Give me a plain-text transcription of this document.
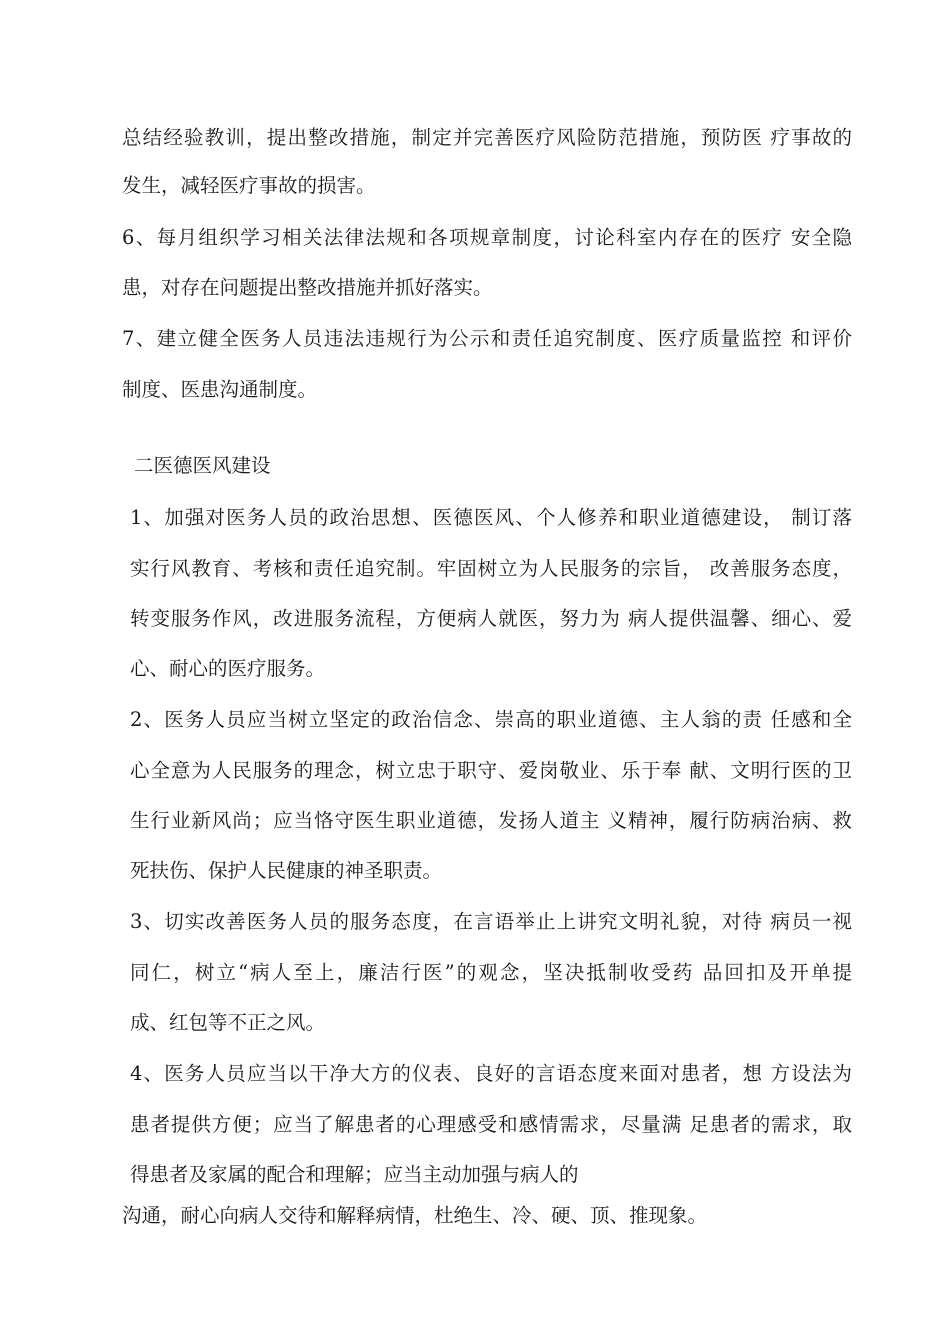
总结经验教训，提出整改措施，制定并完善医疗风险防范措施，预防医 疗事故的
发生，减轻医疗事故的损害。
6、每月组织学习相关法律法规和各项规章制度，讨论科室内存在的医疗 安全隐
患，对存在问题提出整改措施并抓好落实。
7、建立健全医务人员违法违规行为公示和责任追究制度、医疗质量监控 和评价
制度、医患沟通制度。
二医德医风建设
1、加强对医务人员的政治思想、医德医风、个人修养和职业道德建设， 制订落
实行风教育、考核和责任追究制。牢固树立为人民服务的宗旨， 改善服务态度，
转变服务作风，改进服务流程，方便病人就医，努力为 病人提供温馨、细心、爱
心、耐心的医疗服务。
2、医务人员应当树立坚定的政治信念、崇高的职业道德、主人翁的责 任感和全
心全意为人民服务的理念，树立忠于职守、爱岗敬业、乐于奉 献、文明行医的卫
生行业新风尚；应当恪守医生职业道德，发扬人道主 义精神，履行防病治病、救
死扶伤、保护人民健康的神圣职责。
3、切实改善医务人员的服务态度，在言语举止上讲究文明礼貌，对待 病员一视
同仁，树立“病人至上，廉洁行医”的观念，坚决抵制收受药 品回扣及开单提
成、红包等不正之风。
4、医务人员应当以干净大方的仪表、良好的言语态度来面对患者，想 方设法为
患者提供方便；应当了解患者的心理感受和感情需求，尽量满 足患者的需求，取
得患者及家属的配合和理解；应当主动加强与病人的
沟通，耐心向病人交待和解释病情，杜绝生、冷、硬、顶、推现象。
